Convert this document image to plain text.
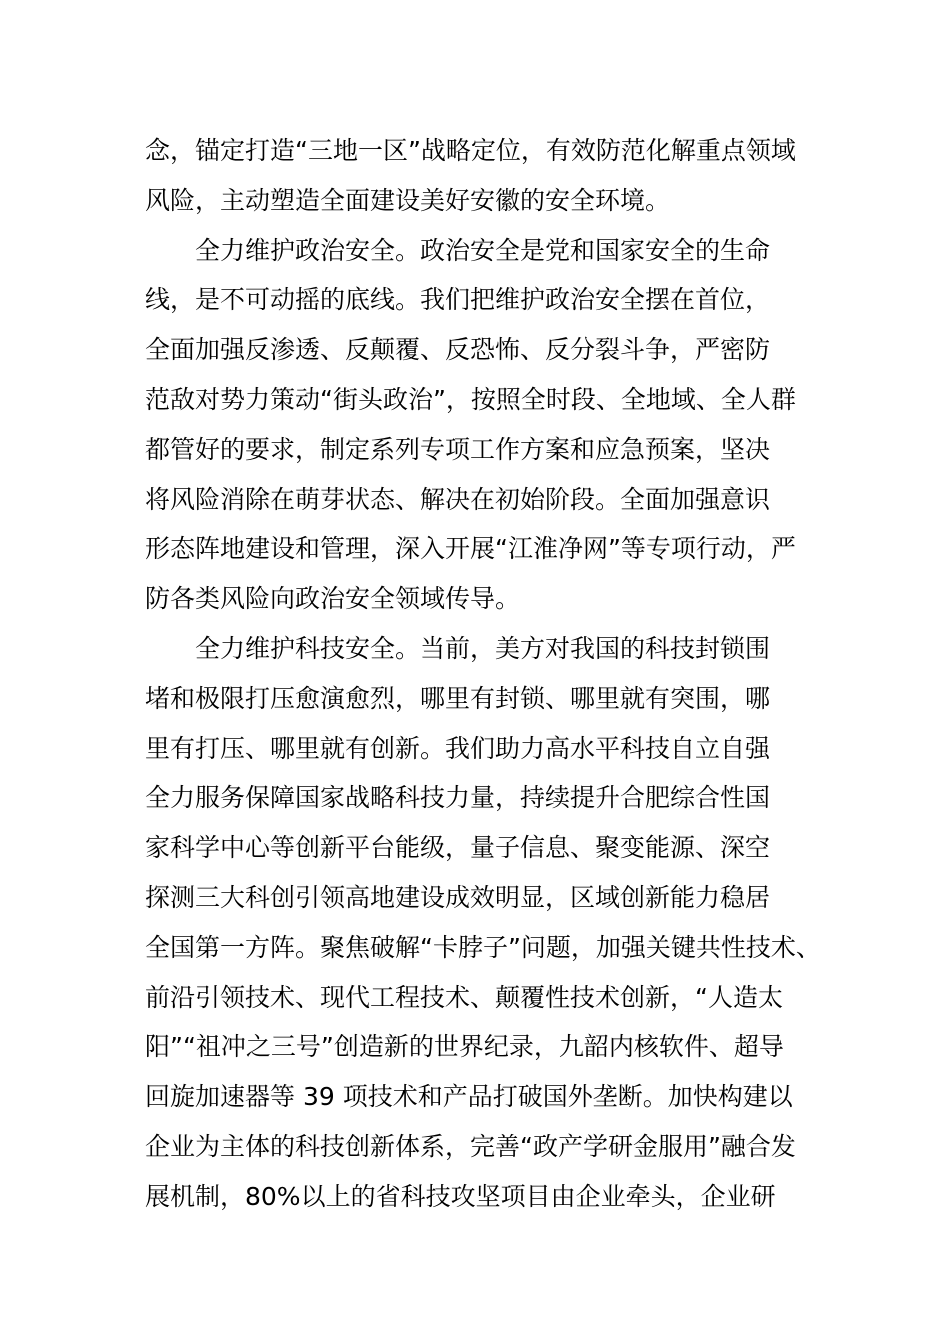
念，锚定打造“三地一区”战略定位，有效防范化解重点领域
风险，主动塑造全面建设美好安徽的安全环境。
全力维护政治安全。政治安全是党和国家安全的生命
线，是不可动摇的底线。我们把维护政治安全摆在首位，
全面加强反渗透、反颠覆、反恐怖、反分裂斗争，严密防
范敌对势力策动“街头政治”，按照全时段、全地域、全人群
都管好的要求，制定系列专项工作方案和应急预案，坚决
将风险消除在萌芽状态、解决在初始阶段。全面加强意识
形态阵地建设和管理，深入开展“江淮净网”等专项行动，严
防各类风险向政治安全领域传导。
全力维护科技安全。当前，美方对我国的科技封锁围
堵和极限打压愈演愈烈，哪里有封锁、哪里就有突围，哪
里有打压、哪里就有创新。我们助力高水平科技自立自强
全力服务保障国家战略科技力量，持续提升合肥综合性国
家科学中心等创新平台能级，量子信息、聚变能源、深空
探测三大科创引领高地建设成效明显，区域创新能力稳居
全国第一方阵。聚焦破解“卡脖子”问题，加强关键共性技术、
前沿引领技术、现代工程技术、颠覆性技术创新，“人造太
阳”“祖冲之三号”创造新的世界纪录，九韶内核软件、超导
回旋加速器等 39 项技术和产品打破国外垄断。加快构建以
企业为主体的科技创新体系，完善“政产学研金服用”融合发
展机制，80%以上的省科技攻坚项目由企业牵头，企业研
